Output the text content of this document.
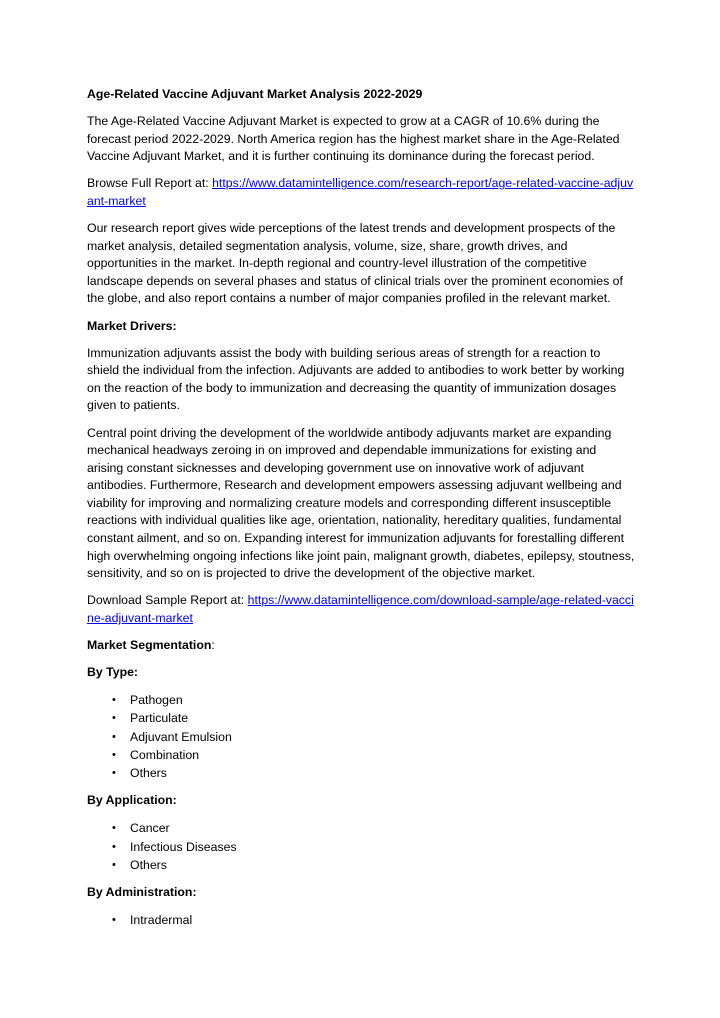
Age-Related Vaccine Adjuvant Market Analysis 2022-2029

The Age-Related Vaccine Adjuvant Market is expected to grow at a CAGR of 10.6% during the forecast period 2022-2029. North America region has the highest market share in the Age-Related Vaccine Adjuvant Market, and it is further continuing its dominance during the forecast period.

Browse Full Report at: https://www.datamintelligence.com/research-report/age-related-vaccine-adjuvant-market

Our research report gives wide perceptions of the latest trends and development prospects of the market analysis, detailed segmentation analysis, volume, size, share, growth drives, and opportunities in the market. In-depth regional and country-level illustration of the competitive landscape depends on several phases and status of clinical trials over the prominent economies of the globe, and also report contains a number of major companies profiled in the relevant market.

Market Drivers:

Immunization adjuvants assist the body with building serious areas of strength for a reaction to shield the individual from the infection. Adjuvants are added to antibodies to work better by working on the reaction of the body to immunization and decreasing the quantity of immunization dosages given to patients.

Central point driving the development of the worldwide antibody adjuvants market are expanding mechanical headways zeroing in on improved and dependable immunizations for existing and arising constant sicknesses and developing government use on innovative work of adjuvant antibodies. Furthermore, Research and development empowers assessing adjuvant wellbeing and viability for improving and normalizing creature models and corresponding different insusceptible reactions with individual qualities like age, orientation, nationality, hereditary qualities, fundamental constant ailment, and so on. Expanding interest for immunization adjuvants for forestalling different high overwhelming ongoing infections like joint pain, malignant growth, diabetes, epilepsy, stoutness, sensitivity, and so on is projected to drive the development of the objective market.

Download Sample Report at: https://www.datamintelligence.com/download-sample/age-related-vaccine-adjuvant-market

Market Segmentation:

By Type:

• Pathogen
• Particulate
• Adjuvant Emulsion
• Combination
• Others

By Application:

• Cancer
• Infectious Diseases
• Others

By Administration:

• Intradermal
